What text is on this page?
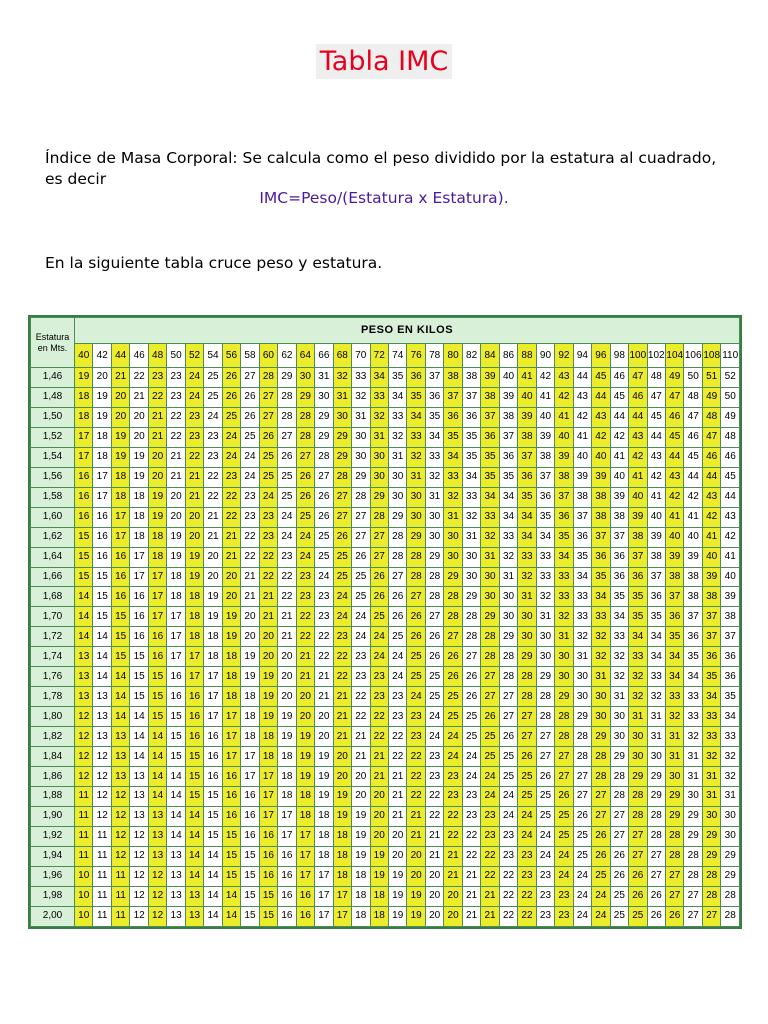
Tabla IMC
Índice de Masa Corporal: Se calcula como el peso dividido por la estatura al cuadrado, es decir
IMC=Peso/(Estatura x Estatura).
En la siguiente tabla cruce peso y estatura.
Estatura
en Mts.	PESO EN KILOS																																			
	40	42	44	46	48	50	52	54	56	58	60	62	64	66	68	70	72	74	76	78	80	82	84	86	88	90	92	94	96	98	100	102	104	106	108	110
1,46	19	20	21	22	23	23	24	25	26	27	28	29	30	31	32	33	34	35	36	37	38	38	39	40	41	42	43	44	45	46	47	48	49	50	51	52
1,48	18	19	20	21	22	23	24	25	26	26	27	28	29	30	31	32	33	34	35	36	37	37	38	39	40	41	42	43	44	45	46	47	47	48	49	50
1,50	18	19	20	20	21	22	23	24	25	26	27	28	28	29	30	31	32	33	34	35	36	36	37	38	39	40	41	42	43	44	44	45	46	47	48	49
1,52	17	18	19	20	21	22	23	23	24	25	26	27	28	29	29	30	31	32	33	34	35	35	36	37	38	39	40	41	42	42	43	44	45	46	47	48
1,54	17	18	19	19	20	21	22	23	24	24	25	26	27	28	29	30	30	31	32	33	34	35	35	36	37	38	39	40	40	41	42	43	44	45	46	46
1,56	16	17	18	19	20	21	21	22	23	24	25	25	26	27	28	29	30	30	31	32	33	34	35	35	36	37	38	39	39	40	41	42	43	44	44	45
1,58	16	17	18	18	19	20	21	22	22	23	24	25	26	26	27	28	29	30	30	31	32	33	34	34	35	36	37	38	38	39	40	41	42	42	43	44
1,60	16	16	17	18	19	20	20	21	22	23	23	24	25	26	27	27	28	29	30	30	31	32	33	34	34	35	36	37	38	38	39	40	41	41	42	43
1,62	15	16	17	18	18	19	20	21	21	22	23	24	24	25	26	27	27	28	29	30	30	31	32	33	34	34	35	36	37	37	38	39	40	40	41	42
1,64	15	16	16	17	18	19	19	20	21	22	22	23	24	25	25	26	27	28	28	29	30	30	31	32	33	33	34	35	36	36	37	38	39	39	40	41
1,66	15	15	16	17	17	18	19	20	20	21	22	22	23	24	25	25	26	27	28	28	29	30	30	31	32	33	33	34	35	36	36	37	38	38	39	40
1,68	14	15	16	16	17	18	18	19	20	21	21	22	23	23	24	25	26	26	27	28	28	29	30	30	31	32	33	33	34	35	35	36	37	38	38	39
1,70	14	15	15	16	17	17	18	19	19	20	21	21	22	23	24	24	25	26	26	27	28	28	29	30	30	31	32	33	33	34	35	35	36	37	37	38
1,72	14	14	15	16	16	17	18	18	19	20	20	21	22	22	23	24	24	25	26	26	27	28	28	29	30	30	31	32	32	33	34	34	35	36	37	37
1,74	13	14	15	15	16	17	17	18	18	19	20	20	21	22	22	23	24	24	25	26	26	27	28	28	29	30	30	31	32	32	33	34	34	35	36	36
1,76	13	14	14	15	15	16	17	17	18	19	19	20	21	21	22	23	23	24	25	25	26	26	27	28	28	29	30	30	31	32	32	33	34	34	35	36
1,78	13	13	14	15	15	16	16	17	18	18	19	20	20	21	21	22	23	23	24	25	25	26	27	27	28	28	29	30	30	31	32	32	33	33	34	35
1,80	12	13	14	14	15	15	16	17	17	18	19	19	20	20	21	22	22	23	23	24	25	25	26	27	27	28	28	29	30	30	31	31	32	33	33	34
1,82	12	13	13	14	14	15	16	16	17	18	18	19	19	20	21	21	22	22	23	24	24	25	25	26	27	27	28	28	29	30	30	31	31	32	33	33
1,84	12	12	13	14	14	15	15	16	17	17	18	18	19	19	20	21	21	22	22	23	24	24	25	25	26	27	27	28	28	29	30	30	31	31	32	32
1,86	12	12	13	13	14	14	15	16	16	17	17	18	19	19	20	20	21	21	22	23	23	24	24	25	25	26	27	27	28	28	29	29	30	31	31	32
1,88	11	12	12	13	14	14	15	15	16	16	17	18	18	19	19	20	20	21	22	22	23	23	24	24	25	25	26	27	27	28	28	29	29	30	31	31
1,90	11	12	12	13	13	14	14	15	16	16	17	17	18	18	19	19	20	21	21	22	22	23	23	24	24	25	25	26	27	27	28	28	29	29	30	30
1,92	11	11	12	12	13	14	14	15	15	16	16	17	17	18	18	19	20	20	21	21	22	22	23	23	24	24	25	25	26	27	27	28	28	29	29	30
1,94	11	11	12	12	13	13	14	14	15	15	16	16	17	18	18	19	19	20	20	21	21	22	22	23	23	24	24	25	26	26	27	27	28	28	29	29
1,96	10	11	11	12	12	13	14	14	15	15	16	16	17	17	18	18	19	19	20	20	21	21	22	22	23	23	24	24	25	26	26	27	27	28	28	29
1,98	10	11	11	12	12	13	13	14	14	15	15	16	16	17	17	18	18	19	19	20	20	21	21	22	22	23	23	24	24	25	26	26	27	27	28	28
2,00	10	11	11	12	12	13	13	14	14	15	15	16	16	17	17	18	18	19	19	20	20	21	21	22	22	23	23	24	24	25	25	26	26	27	27	28
